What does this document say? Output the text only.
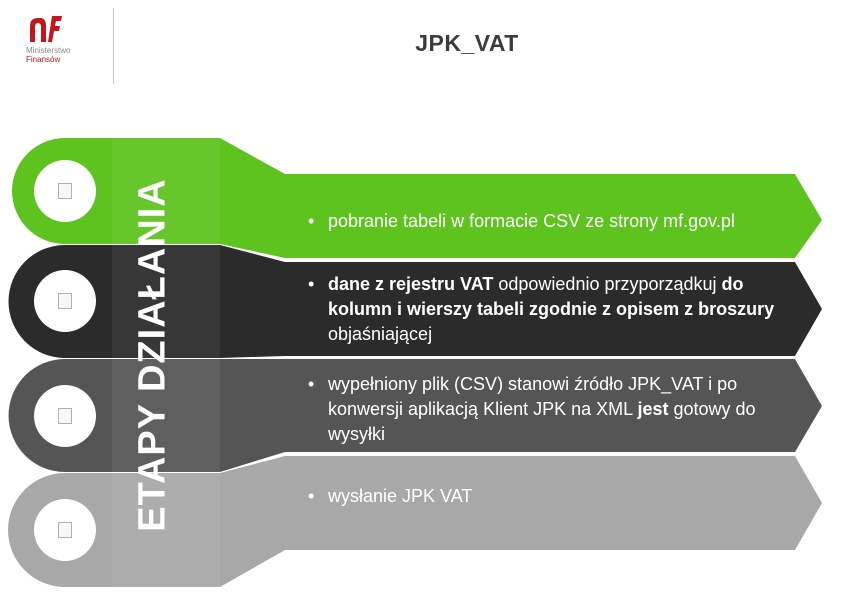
Ministerstwo
Finansów
JPK_VAT
ETAPY DZIAŁANIA
•	pobranie tabeli w formacie CSV ze strony mf.gov.pl
• dane z rejestru VAT odpowiednio przyporządkuj do kolumn i wierszy tabeli zgodnie z opisem z broszury objaśniającej
• wypełniony plik (CSV) stanowi źródło JPK_VAT i po konwersji aplikacją Klient JPK na XML jest gotowy do wysyłki
• wysłanie JPK VAT
